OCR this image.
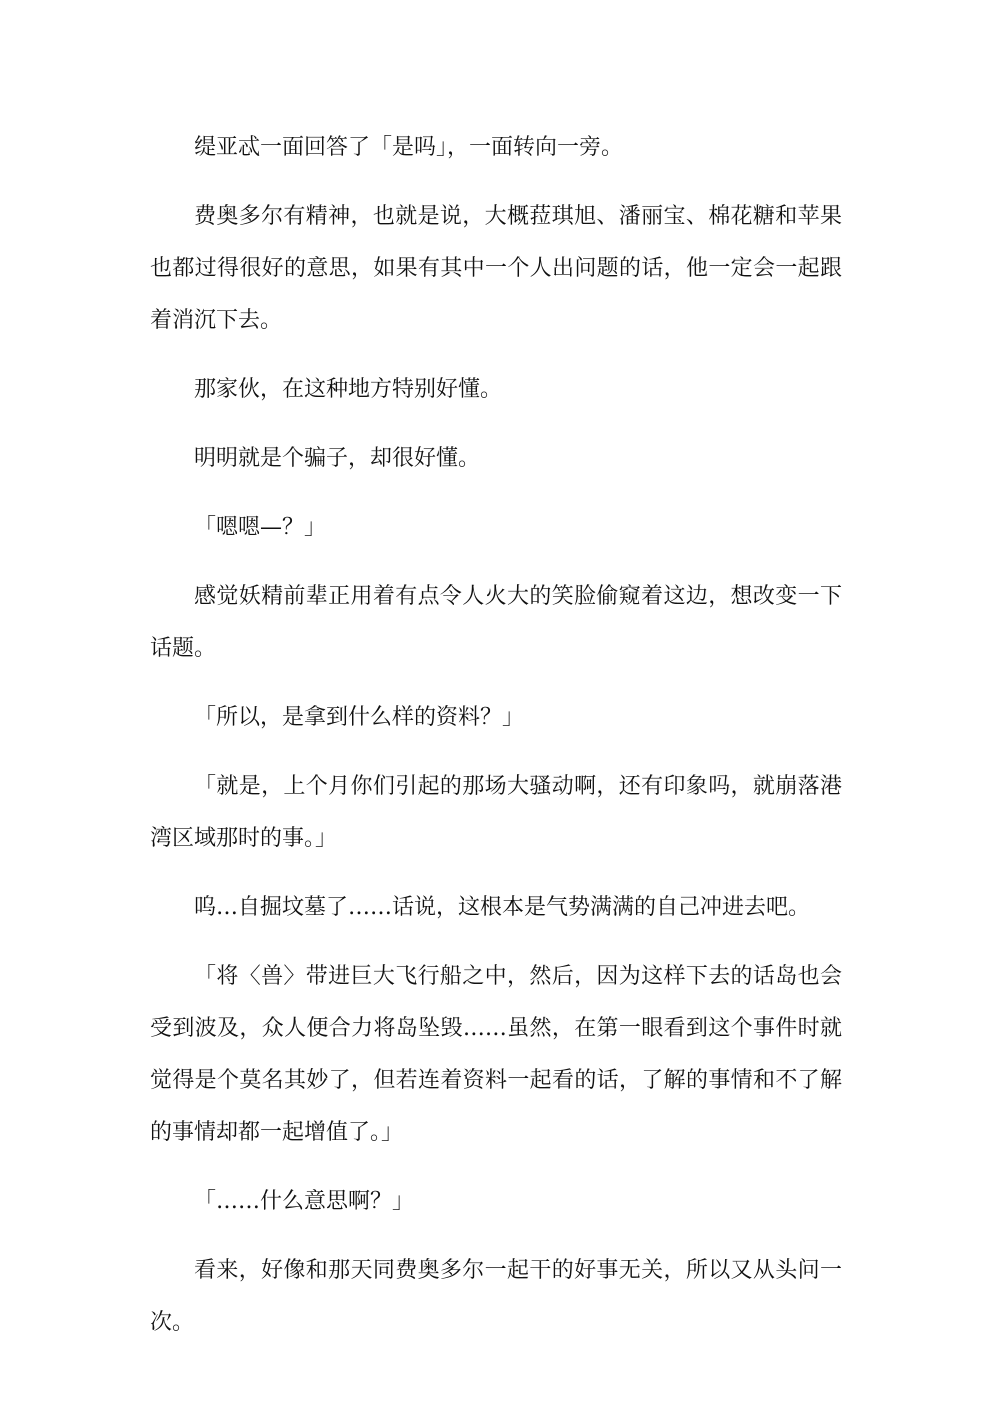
缇亚忒一面回答了「是吗」，一面转向一旁。

费奥多尔有精神，也就是说，大概菈琪旭、潘丽宝、棉花糖和苹果也都过得很好的意思，如果有其中一个人出问题的话，他一定会一起跟着消沉下去。

那家伙，在这种地方特别好懂。

明明就是个骗子，却很好懂。

「嗯嗯—？」

感觉妖精前辈正用着有点令人火大的笑脸偷窥着这边，想改变一下话题。

「所以，是拿到什么样的资料？」

「就是，上个月你们引起的那场大骚动啊，还有印象吗，就崩落港湾区域那时的事。」

呜…自掘坟墓了……话说，这根本是气势满满的自己冲进去吧。

「将〈兽〉带进巨大飞行船之中，然后，因为这样下去的话岛也会受到波及，众人便合力将岛坠毁……虽然，在第一眼看到这个事件时就觉得是个莫名其妙了，但若连着资料一起看的话，了解的事情和不了解的事情却都一起增值了。」

「……什么意思啊？」

看来，好像和那天同费奥多尔一起干的好事无关，所以又从头问一次。
